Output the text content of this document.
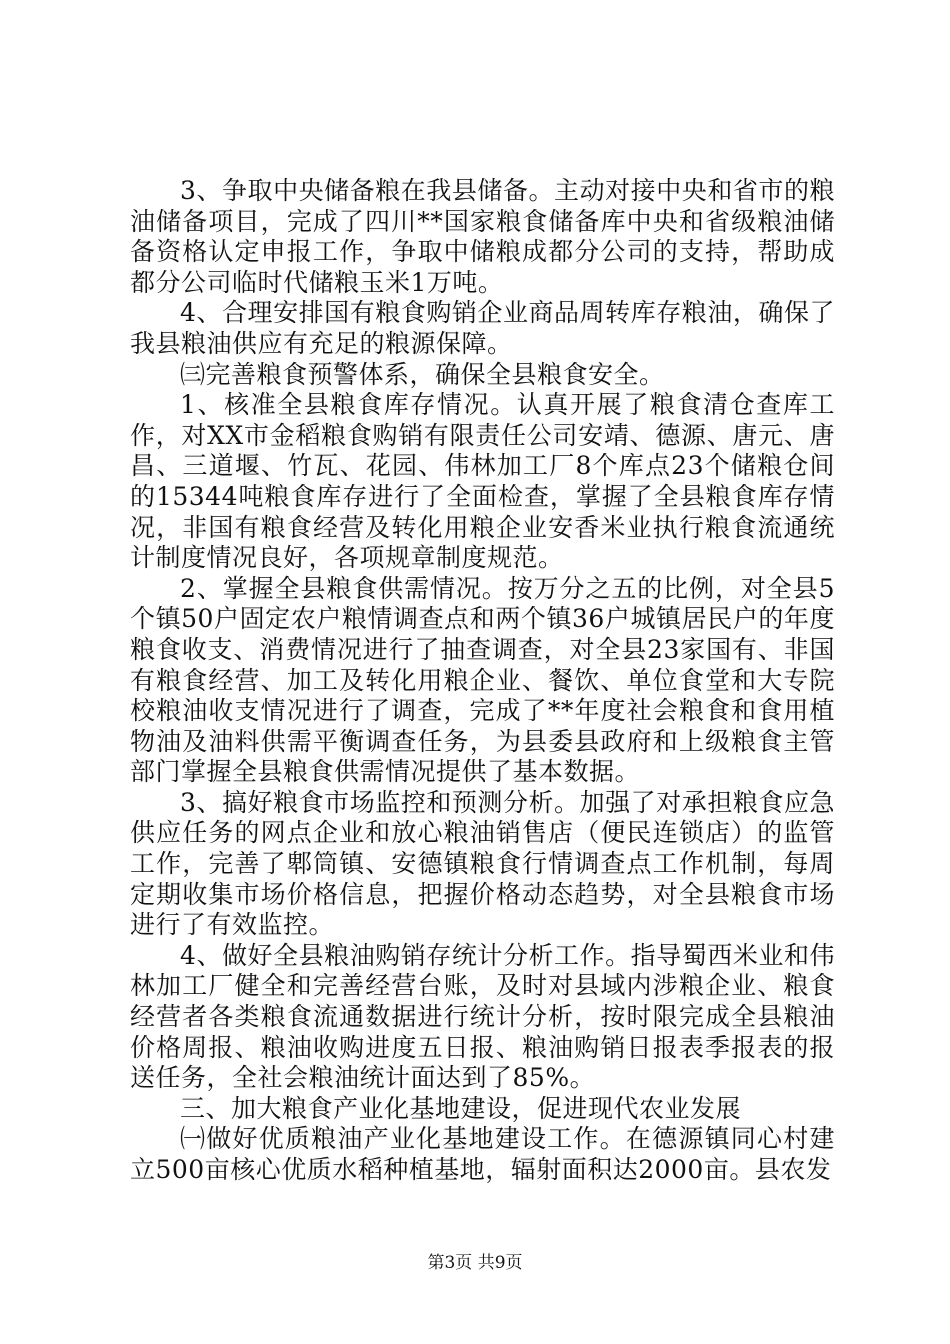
3、争取中央储备粮在我县储备。主动对接中央和省市的粮油储备项目，完成了四川**国家粮食储备库中央和省级粮油储备资格认定申报工作，争取中储粮成都分公司的支持，帮助成都分公司临时代储粮玉米1万吨。

4、合理安排国有粮食购销企业商品周转库存粮油，确保了我县粮油供应有充足的粮源保障。

㈢完善粮食预警体系，确保全县粮食安全。

1、核准全县粮食库存情况。认真开展了粮食清仓查库工作，对XX市金稻粮食购销有限责任公司安靖、德源、唐元、唐昌、三道堰、竹瓦、花园、伟林加工厂8个库点23个储粮仓间的15344吨粮食库存进行了全面检查，掌握了全县粮食库存情况，非国有粮食经营及转化用粮企业安香米业执行粮食流通统计制度情况良好，各项规章制度规范。

2、掌握全县粮食供需情况。按万分之五的比例，对全县5个镇50户固定农户粮情调查点和两个镇36户城镇居民户的年度粮食收支、消费情况进行了抽查调查，对全县23家国有、非国有粮食经营、加工及转化用粮企业、餐饮、单位食堂和大专院校粮油收支情况进行了调查，完成了**年度社会粮食和食用植物油及油料供需平衡调查任务，为县委县政府和上级粮食主管部门掌握全县粮食供需情况提供了基本数据。

3、搞好粮食市场监控和预测分析。加强了对承担粮食应急供应任务的网点企业和放心粮油销售店（便民连锁店）的监管工作，完善了郫筒镇、安德镇粮食行情调查点工作机制，每周定期收集市场价格信息，把握价格动态趋势，对全县粮食市场进行了有效监控。

4、做好全县粮油购销存统计分析工作。指导蜀西米业和伟林加工厂健全和完善经营台账，及时对县域内涉粮企业、粮食经营者各类粮食流通数据进行统计分析，按时限完成全县粮油价格周报、粮油收购进度五日报、粮油购销日报表季报表的报送任务，全社会粮油统计面达到了85%。

三、加大粮食产业化基地建设，促进现代农业发展

㈠做好优质粮油产业化基地建设工作。在德源镇同心村建立500亩核心优质水稻种植基地，辐射面积达2000亩。县农发

第3页 共9页
